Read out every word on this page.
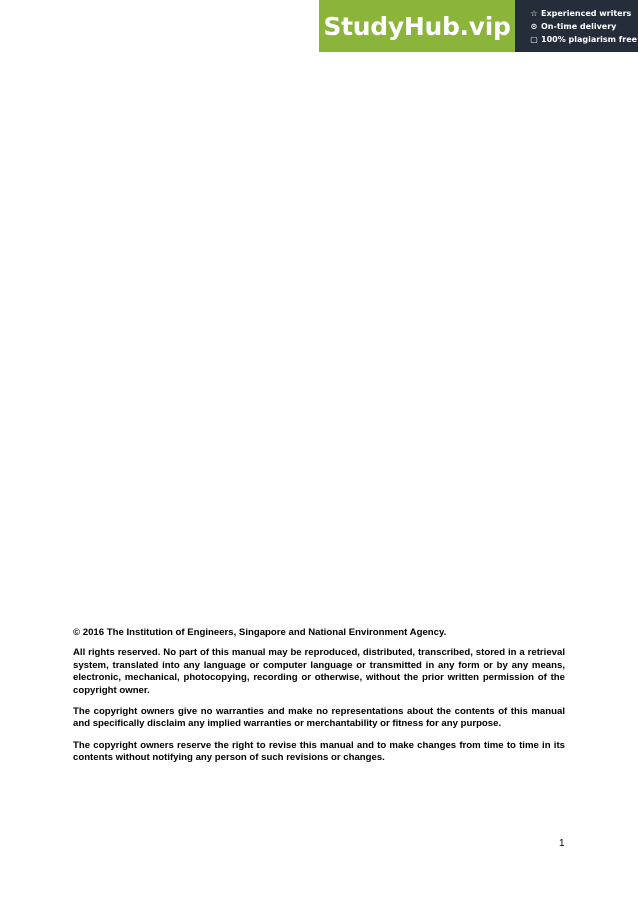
StudyHub.vip ☆ Experienced writers
⊙ On-time delivery
▢ 100% plagiarism free

© 2016 The Institution of Engineers, Singapore and National Environment Agency.

All rights reserved. No part of this manual may be reproduced, distributed, transcribed, stored in a retrieval system, translated into any language or computer language or transmitted in any form or by any means, electronic, mechanical, photocopying, recording or otherwise, without the prior written permission of the copyright owner.

The copyright owners give no warranties and make no representations about the contents of this manual and specifically disclaim any implied warranties or merchantability or fitness for any purpose.

The copyright owners reserve the right to revise this manual and to make changes from time to time in its contents without notifying any person of such revisions or changes.

1
